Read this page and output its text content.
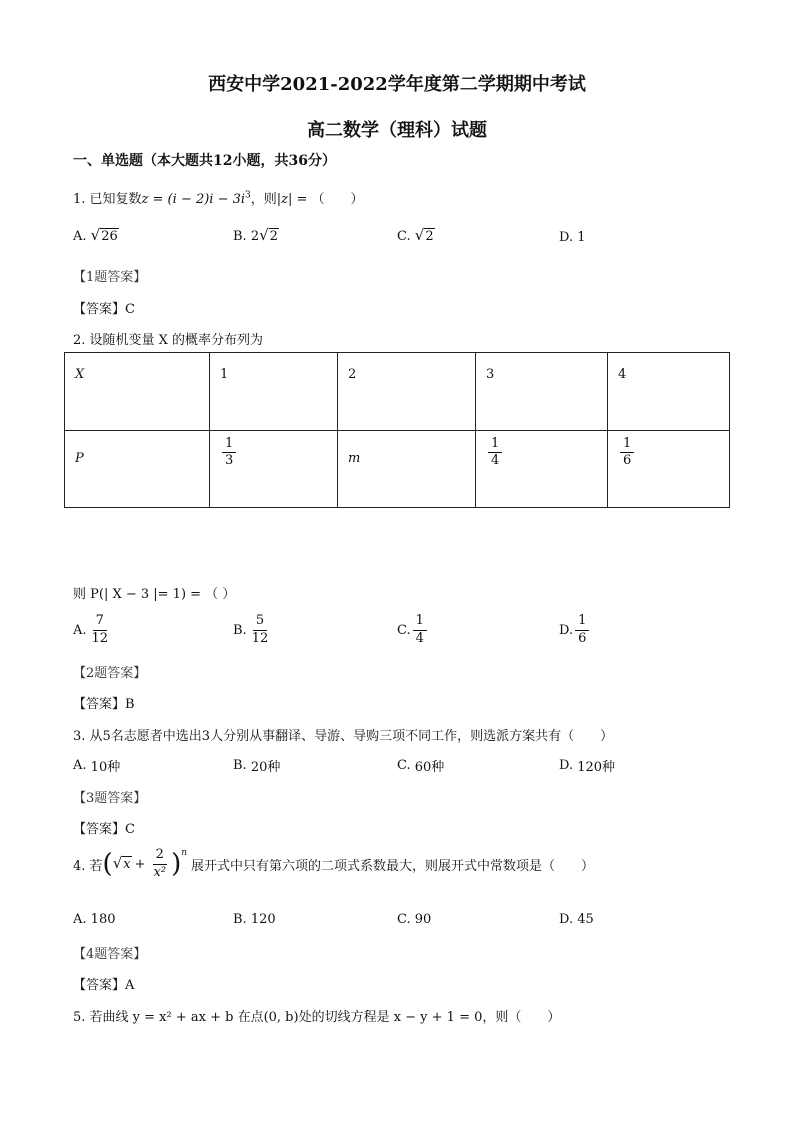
西安中学2021-2022学年度第二学期期中考试
高二数学（理科）试题
一、单选题（本大题共12小题，共36分）
1. 已知复数$z = (i - 2)i - 3i^3$，则|z| = （　　）
A.
√ 26	B.
2 √ 2	C.
√ 2	D.
1
【1题答案】
【答案】C
2. 设随机变量 X 的概率分布列为
X	1	2	3	4
P	$\frac{1}{3}$	m	$\frac{1}{4}$	$\frac{1}{6}$
则 P(| X − 3 |= 1) = （ ）
A. $\frac{7}{12}$	B. $\frac{5}{12}$	C. $\frac{1}{4}$	D. $\frac{1}{6}$
【2题答案】
【答案】B
3. 从5名志愿者中选出3人分别从事翻译、导游、导购三项不同工作，则选派方案共有（　　）
A.
10种	B.
20种	C.
60种	D.
120种
【3题答案】
【答案】C
4. 若 ( √ $x + \frac{2}{\text{x²}} )^n$
展开式中只有第六项的二项式系数最大，则展开式中常数项是（　　）
A.
180	B.
120	C.
90	D.
45
【4题答案】
【答案】A
5. 若曲线 y = x² + ax + b 在点(0, b)处的切线方程是 x − y + 1 = 0，则（　　）
